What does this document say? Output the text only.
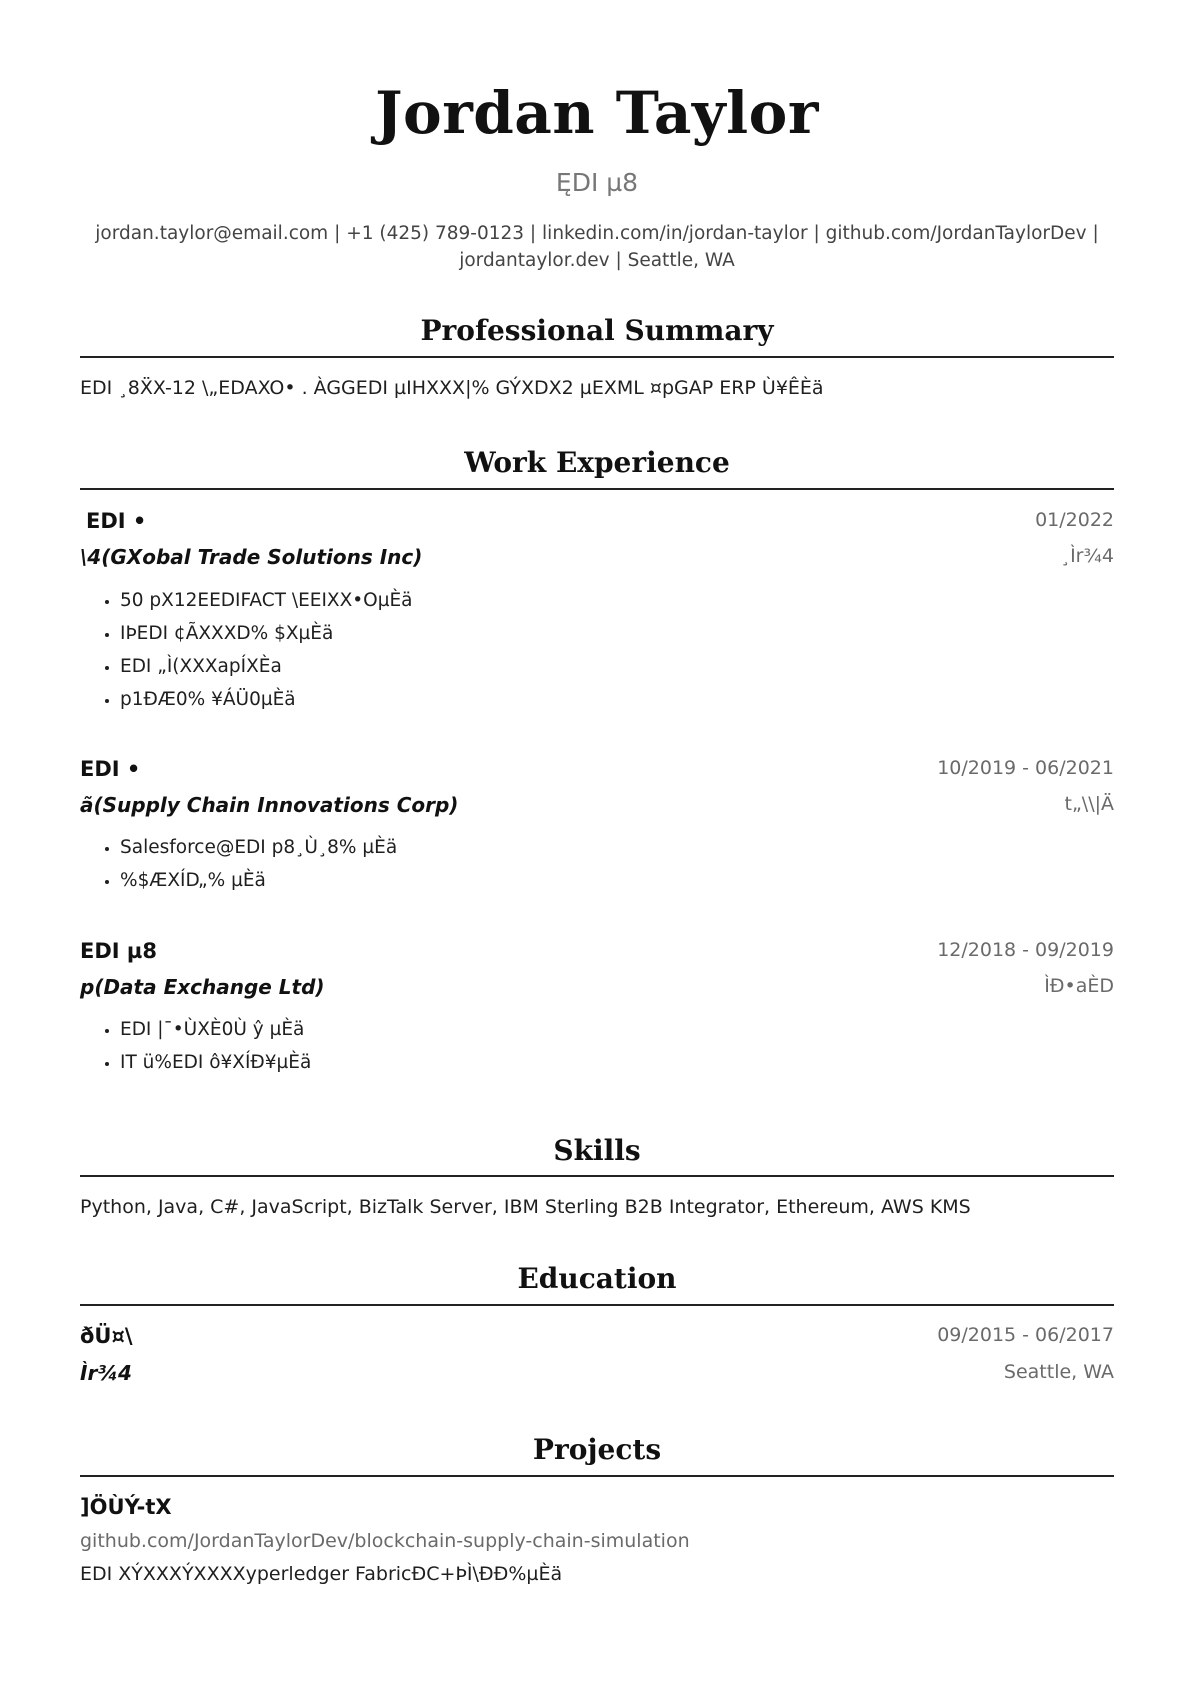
Jordan Taylor
ĘDI µ8
jordan.taylor@email.com | +1 (425) 789-0123 | linkedin.com/in/jordan-taylor | github.com/JordanTaylorDev |
jordantaylor.dev | Seattle, WA
Professional Summary
EDI ¸8ẌX-12 \„ΕDAXO• . ÀGGEDI µIHXXX|% GÝXDX2 µEXML ¤pGAP ERP Ù¥ÊÈä
Work Experience
EDI •	01/2022
\4(GXobal Trade Solutions Inc)	¸Ìr¾4
• 50 pX12EEDIFACT \EEIXX•OµÈä
• IÞEDI ¢ÃXXXD% $XµÈä
• EDI „Ì(XXXapÍXÈa
• p1ÐÆ0% ¥ÁÜ0µÈä
EDI •	10/2019 - 06/2021
ã(Supply Chain Innovations Corp)	t„\\|Ä
• Salesforce@EDI p8¸Ù¸8% µÈä
• %$ÆXÍD„% µÈä
EDI µ8	12/2018 - 09/2019
p(Data Exchange Ltd)	ÌÐ•aÈD
• EDI |¯•ÙXÈ0Ù ŷ µÈä
• IT ü%EDI ô¥XÍÐ¥µÈä
Skills
Python, Java, C#, JavaScript, BizTalk Server, IBM Sterling B2B Integrator, Ethereum, AWS KMS
Education
ðÜ¤\	09/2015 - 06/2017
Ìr¾4	Seattle, WA
Projects
]ÖÙÝ-tX
github.com/JordanTaylorDev/blockchain-supply-chain-simulation
EDI XÝXXXÝXXXXyperledger FabricĐC+ÞÌ\ÐÐ%µÈä
